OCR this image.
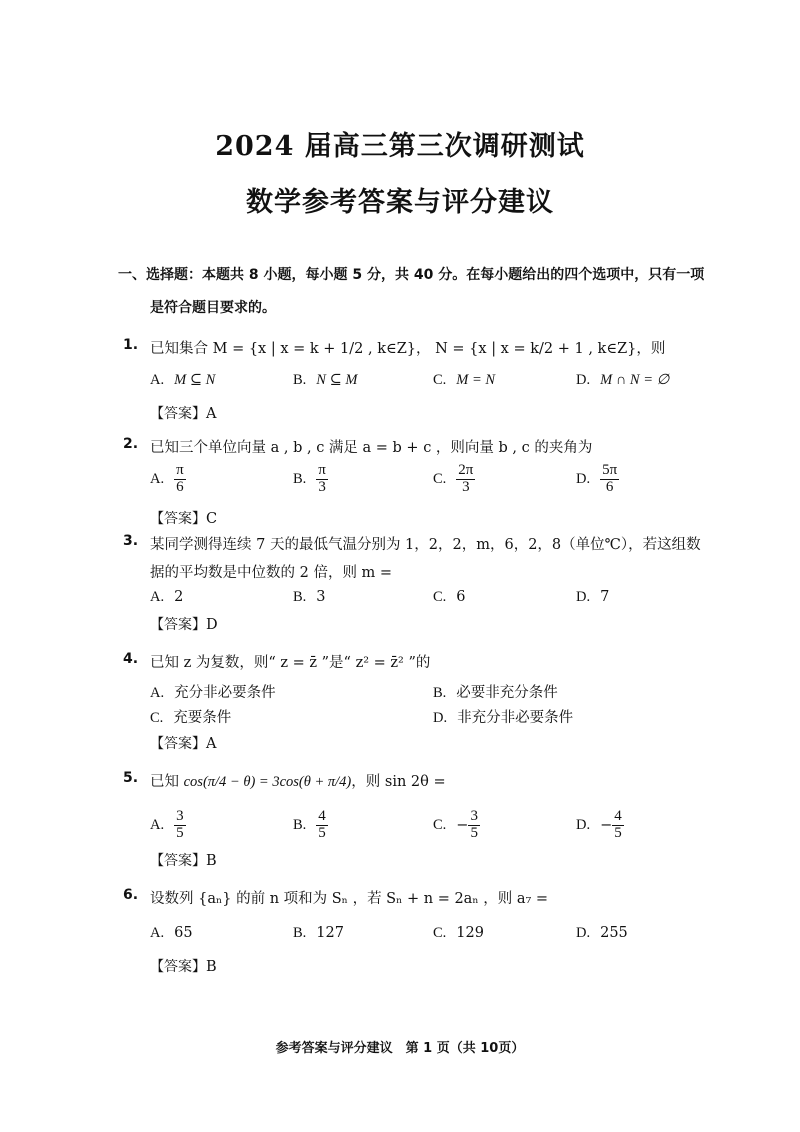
2024 届高三第三次调研测试
数学参考答案与评分建议
一、选择题：本题共 8 小题，每小题 5 分，共 40 分。在每小题给出的四个选项中，只有一项
是符合题目要求的。
1. 已知集合 M = {x | x = k + 1/2 , k∈Z}， N = {x | x = k/2 + 1 , k∈Z}，则
A. M ⊆ N	B. N ⊆ M	C. M = N	D. M ∩ N = ∅
【答案】A
2. 已知三个单位向量 a , b , c 满足 a = b + c ，则向量 b , c 的夹角为
A. $\frac{\pi}{6}$	B. $\frac{\pi}{3}$	C. $\frac{2\pi}{3}$	D. $\frac{5\pi}{6}$
【答案】C
3. 某同学测得连续 7 天的最低气温分别为 1，2，2，m，6，2，8（单位℃），若这组数
据的平均数是中位数的 2 倍，则 m =
A. 2	B. 3	C. 6	D. 7
【答案】D
4. 已知 z 为复数，则“ z = z̄ ”是“ z² = z̄² ”的
A. 充分非必要条件	B. 必要非充分条件
C. 充要条件	D. 非充分非必要条件
【答案】A
5. 已知 cos(π/4 − θ) = 3cos(θ + π/4)，则 sin 2θ =
A. $\frac{3}{5}$	B. $\frac{4}{5}$	C. − $\frac{3}{5}$	D. − $\frac{4}{5}$
【答案】B
6. 设数列 {aₙ} 的前 n 项和为 Sₙ ，若 Sₙ + n = 2aₙ ，则 a₇ =
A. 65	B. 127	C. 129	D. 255
【答案】B
参考答案与评分建议　第 1 页（共 10页）
